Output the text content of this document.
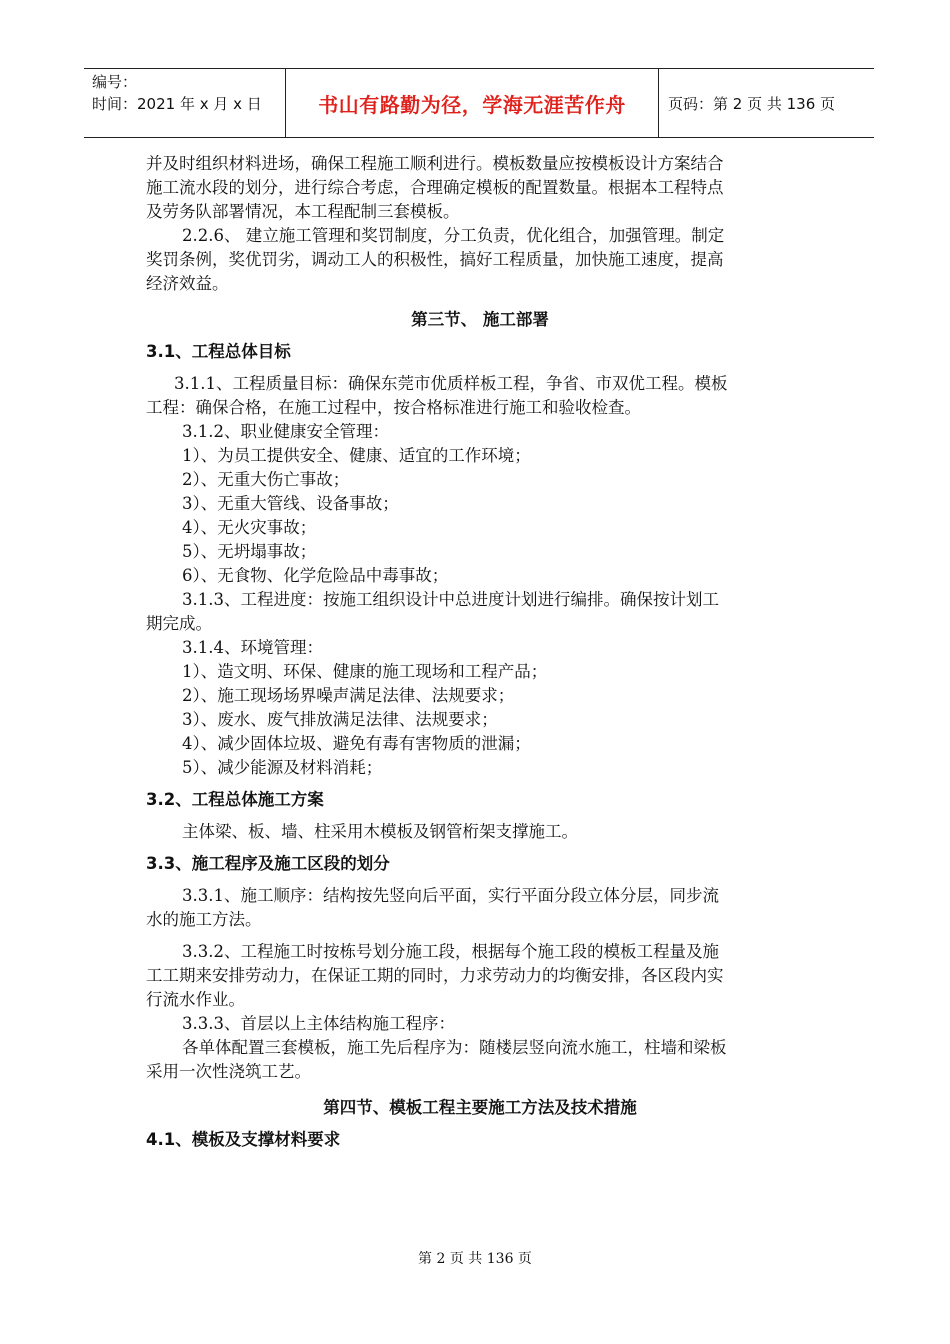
编号：
时间：2021 年 x 月 x 日	书山有路勤为径，学海无涯苦作舟	页码：第 2 页 共 136 页

并及时组织材料进场，确保工程施工顺利进行。模板数量应按模板设计方案结合

施工流水段的划分，进行综合考虑，合理确定模板的配置数量。根据本工程特点

及劳务队部署情况，本工程配制三套模板。

2.2.6、 建立施工管理和奖罚制度，分工负责，优化组合，加强管理。制定

奖罚条例，奖优罚劣，调动工人的积极性，搞好工程质量，加快施工速度，提高

经济效益。

第三节、 施工部署

3.1、工程总体目标

3.1.1、工程质量目标：确保东莞市优质样板工程，争省、市双优工程。模板

工程：确保合格，在施工过程中，按合格标准进行施工和验收检查。

3.1.2、职业健康安全管理：

1）、为员工提供安全、健康、适宜的工作环境；

2）、无重大伤亡事故；

3）、无重大管线、设备事故；

4）、无火灾事故；

5）、无坍塌事故；

6）、无食物、化学危险品中毒事故；

3.1.3、工程进度：按施工组织设计中总进度计划进行编排。确保按计划工

期完成。

3.1.4、环境管理：

1）、造文明、环保、健康的施工现场和工程产品；

2）、施工现场场界噪声满足法律、法规要求；

3）、废水、废气排放满足法律、法规要求；

4）、减少固体垃圾、避免有毒有害物质的泄漏；

5）、减少能源及材料消耗；

3.2、工程总体施工方案

主体梁、板、墙、柱采用木模板及钢管桁架支撑施工。

3.3、施工程序及施工区段的划分

3.3.1、施工顺序：结构按先竖向后平面，实行平面分段立体分层，同步流

水的施工方法。

3.3.2、工程施工时按栋号划分施工段，根据每个施工段的模板工程量及施

工工期来安排劳动力，在保证工期的同时，力求劳动力的均衡安排，各区段内实

行流水作业。

3.3.3、首层以上主体结构施工程序：

各单体配置三套模板，施工先后程序为：随楼层竖向流水施工，柱墙和梁板

采用一次性浇筑工艺。

第四节、模板工程主要施工方法及技术措施

4.1、模板及支撑材料要求

第 2 页 共 136 页
